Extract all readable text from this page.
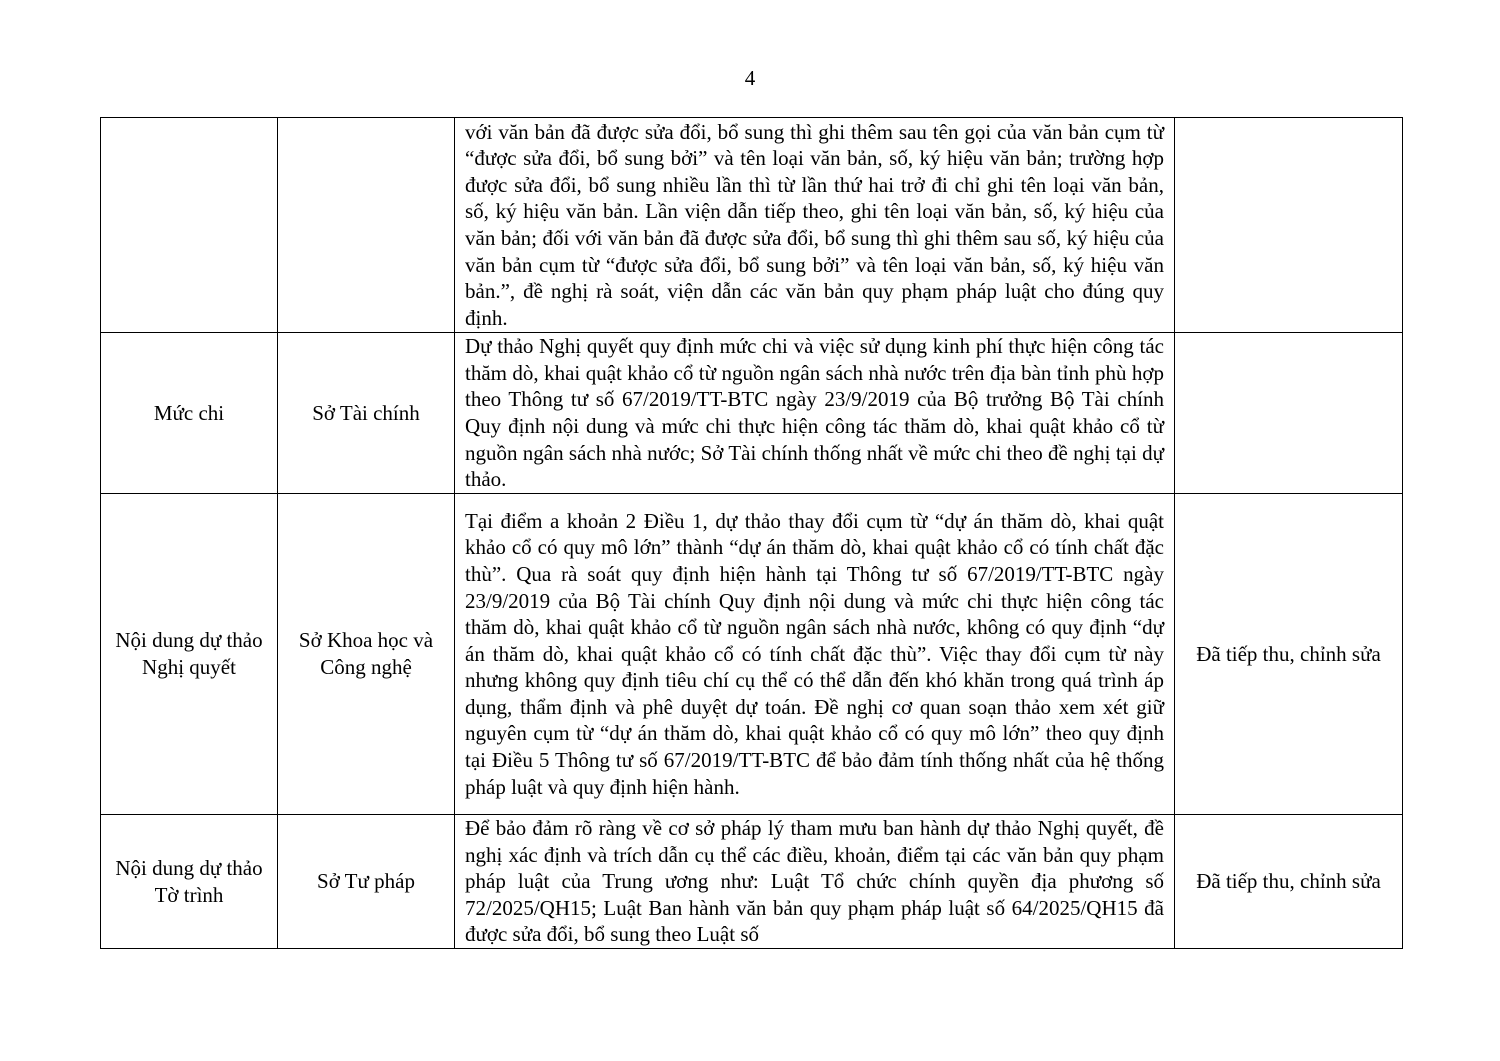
4

		với văn bản đã được sửa đổi, bổ sung thì ghi thêm sau tên gọi của văn bản cụm từ “được sửa đổi, bổ sung bởi” và tên loại văn bản, số, ký hiệu văn bản; trường hợp được sửa đổi, bổ sung nhiều lần thì từ lần thứ hai trở đi chỉ ghi tên loại văn bản, số, ký hiệu văn bản. Lần viện dẫn tiếp theo, ghi tên loại văn bản, số, ký hiệu của văn bản; đối với văn bản đã được sửa đổi, bổ sung thì ghi thêm sau số, ký hiệu của văn bản cụm từ “được sửa đổi, bổ sung bởi” và tên loại văn bản, số, ký hiệu văn bản.”, đề nghị rà soát, viện dẫn các văn bản quy phạm pháp luật cho đúng quy định.	

Mức chi	Sở Tài chính	Dự thảo Nghị quyết quy định mức chi và việc sử dụng kinh phí thực hiện công tác thăm dò, khai quật khảo cổ từ nguồn ngân sách nhà nước trên địa bàn tỉnh phù hợp theo Thông tư số 67/2019/TT-BTC ngày 23/9/2019 của Bộ trưởng Bộ Tài chính Quy định nội dung và mức chi thực hiện công tác thăm dò, khai quật khảo cổ từ nguồn ngân sách nhà nước; Sở Tài chính thống nhất về mức chi theo đề nghị tại dự thảo.	

Nội dung dự thảo Nghị quyết	Sở Khoa học và Công nghệ	Tại điểm a khoản 2 Điều 1, dự thảo thay đổi cụm từ “dự án thăm dò, khai quật khảo cổ có quy mô lớn” thành “dự án thăm dò, khai quật khảo cổ có tính chất đặc thù”. Qua rà soát quy định hiện hành tại Thông tư số 67/2019/TT-BTC ngày 23/9/2019 của Bộ Tài chính Quy định nội dung và mức chi thực hiện công tác thăm dò, khai quật khảo cổ từ nguồn ngân sách nhà nước, không có quy định “dự án thăm dò, khai quật khảo cổ có tính chất đặc thù”. Việc thay đổi cụm từ này nhưng không quy định tiêu chí cụ thể có thể dẫn đến khó khăn trong quá trình áp dụng, thẩm định và phê duyệt dự toán. Đề nghị cơ quan soạn thảo xem xét giữ nguyên cụm từ “dự án thăm dò, khai quật khảo cổ có quy mô lớn” theo quy định tại Điều 5 Thông tư số 67/2019/TT-BTC để bảo đảm tính thống nhất của hệ thống pháp luật và quy định hiện hành.	Đã tiếp thu, chỉnh sửa
Nội dung dự thảo Tờ trình	Sở Tư pháp	Để bảo đảm rõ ràng về cơ sở pháp lý tham mưu ban hành dự thảo Nghị quyết, đề nghị xác định và trích dẫn cụ thể các điều, khoản, điểm tại các văn bản quy phạm pháp luật của Trung ương như: Luật Tổ chức chính quyền địa phương số 72/2025/QH15; Luật Ban hành văn bản quy phạm pháp luật số 64/2025/QH15 đã được sửa đổi, bổ sung theo Luật số	Đã tiếp thu, chỉnh sửa
